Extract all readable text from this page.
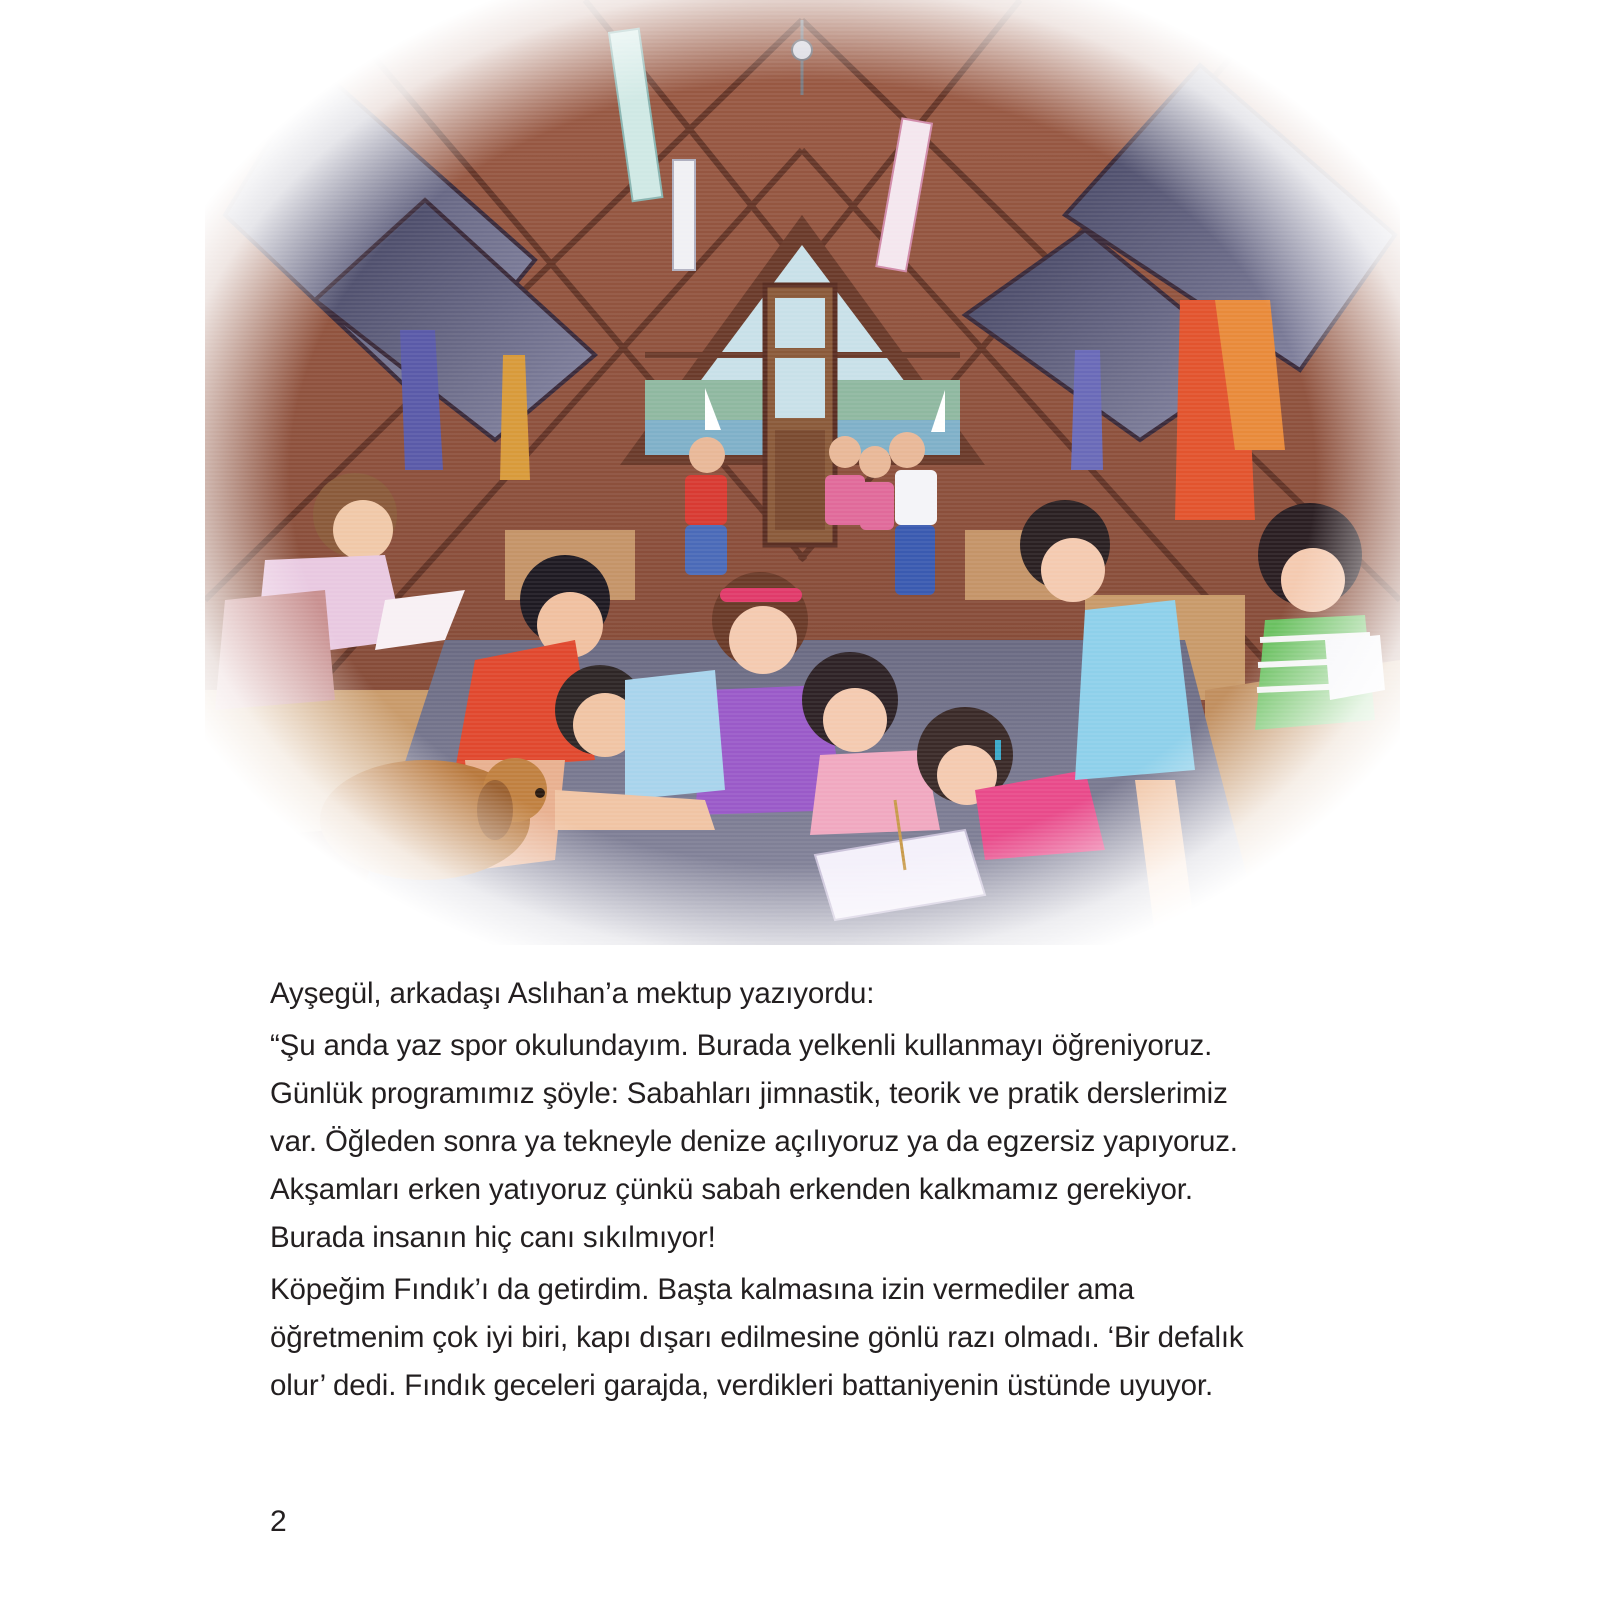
Ayşegül, arkadaşı Aslıhan’a mektup yazıyordu:

“Şu anda yaz spor okulundayım. Burada yelkenli kullanmayı öğreniyoruz.
Günlük programımız şöyle: Sabahları jimnastik, teorik ve pratik derslerimiz
var. Öğleden sonra ya tekneyle denize açılıyoruz ya da egzersiz yapıyoruz.
Akşamları erken yatıyoruz çünkü sabah erkenden kalkmamız gerekiyor.
Burada insanın hiç canı sıkılmıyor!

Köpeğim Fındık’ı da getirdim. Başta kalmasına izin vermediler ama
öğretmenim çok iyi biri, kapı dışarı edilmesine gönlü razı olmadı. ‘Bir defalık
olur’ dedi. Fındık geceleri garajda, verdikleri battaniyenin üstünde uyuyor.

2
